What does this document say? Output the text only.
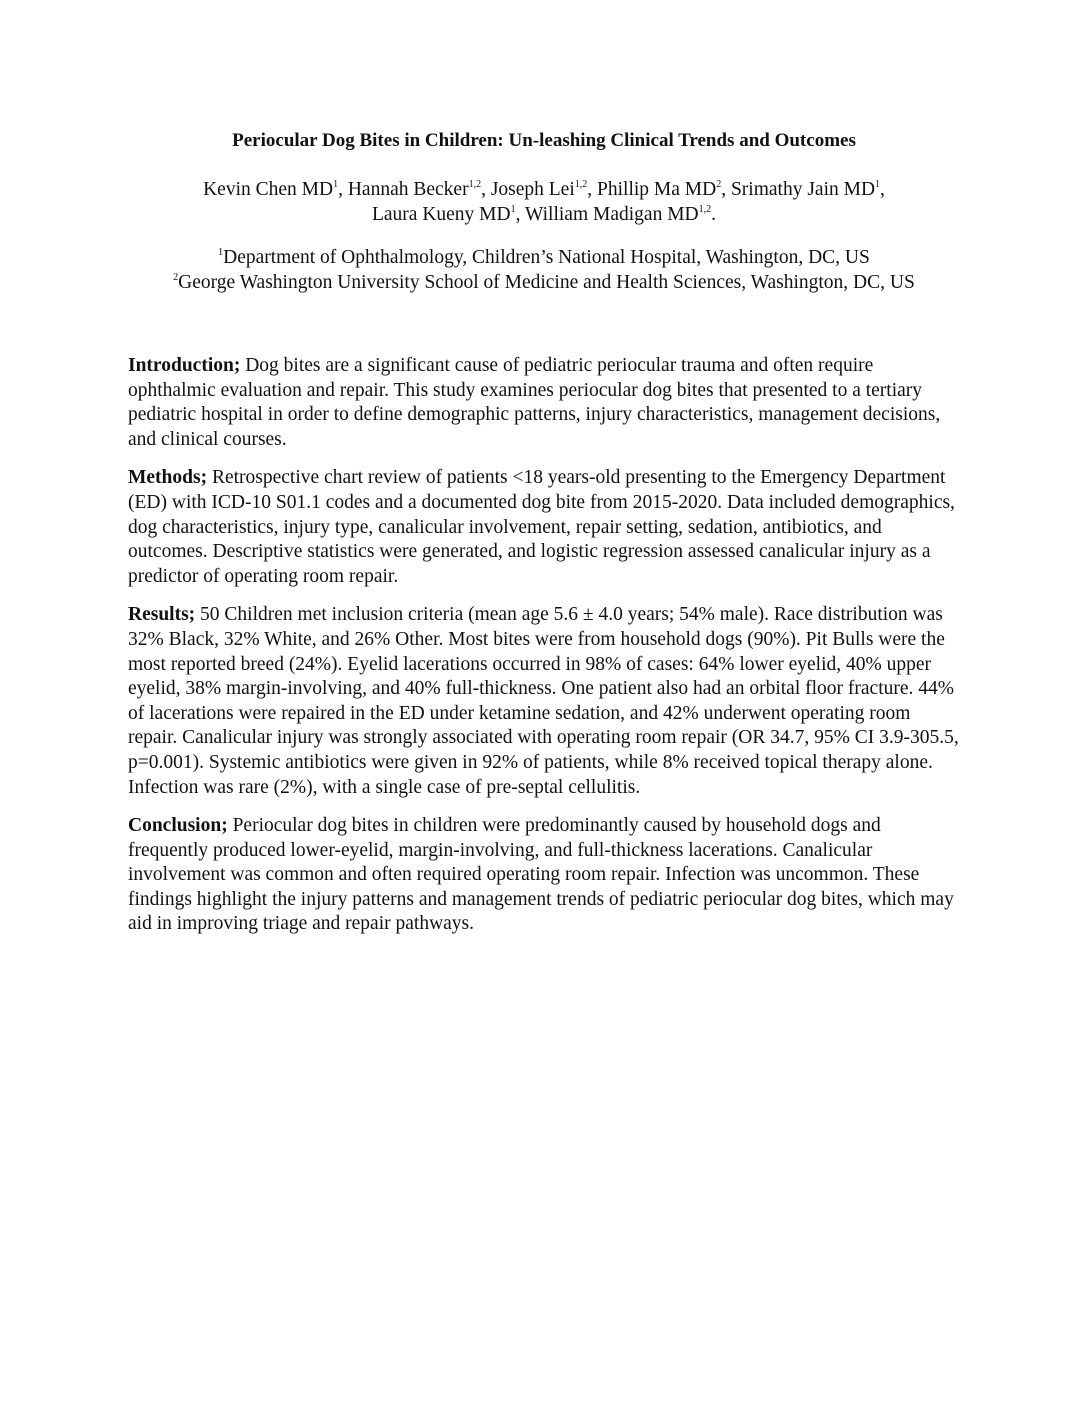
Periocular Dog Bites in Children: Un-leashing Clinical Trends and Outcomes
Kevin Chen $MD^1$, Hannah Becker$^{1,2}$, Joseph Lei$^{1,2}$, Phillip Ma $MD^2$, Srimathy Jain $MD^1$,
Laura Kueny $MD^1$, William Madigan MD$^{1,2}$.
$^1$Department of Ophthalmology, Children’s National Hospital, Washington, DC, US
$^2$George Washington University School of Medicine and Health Sciences, Washington, DC, US

Introduction; Dog bites are a significant cause of pediatric periocular trauma and often require ophthalmic evaluation and repair. This study examines periocular dog bites that presented to a tertiary pediatric hospital in order to define demographic patterns, injury characteristics, management decisions, and clinical courses.

Methods; Retrospective chart review of patients <18 years-old presenting to the Emergency Department (ED) with ICD-10 S01.1 codes and a documented dog bite from 2015-2020. Data included demographics, dog characteristics, injury type, canalicular involvement, repair setting, sedation, antibiotics, and outcomes. Descriptive statistics were generated, and logistic regression assessed canalicular injury as a predictor of operating room repair.

Results; 50 Children met inclusion criteria (mean age 5.6 ± 4.0 years; 54% male). Race distribution was 32% Black, 32% White, and 26% Other. Most bites were from household dogs (90%). Pit Bulls were the most reported breed (24%). Eyelid lacerations occurred in 98% of cases: 64% lower eyelid, 40% upper eyelid, 38% margin-involving, and 40% full-thickness. One patient also had an orbital floor fracture. 44% of lacerations were repaired in the ED under ketamine sedation, and 42% underwent operating room repair. Canalicular injury was strongly associated with operating room repair (OR 34.7, 95% CI 3.9-305.5, p=0.001). Systemic antibiotics were given in 92% of patients, while 8% received topical therapy alone. Infection was rare (2%), with a single case of pre-septal cellulitis.

Conclusion; Periocular dog bites in children were predominantly caused by household dogs and frequently produced lower-eyelid, margin-involving, and full-thickness lacerations. Canalicular involvement was common and often required operating room repair. Infection was uncommon. These findings highlight the injury patterns and management trends of pediatric periocular dog bites, which may aid in improving triage and repair pathways.
